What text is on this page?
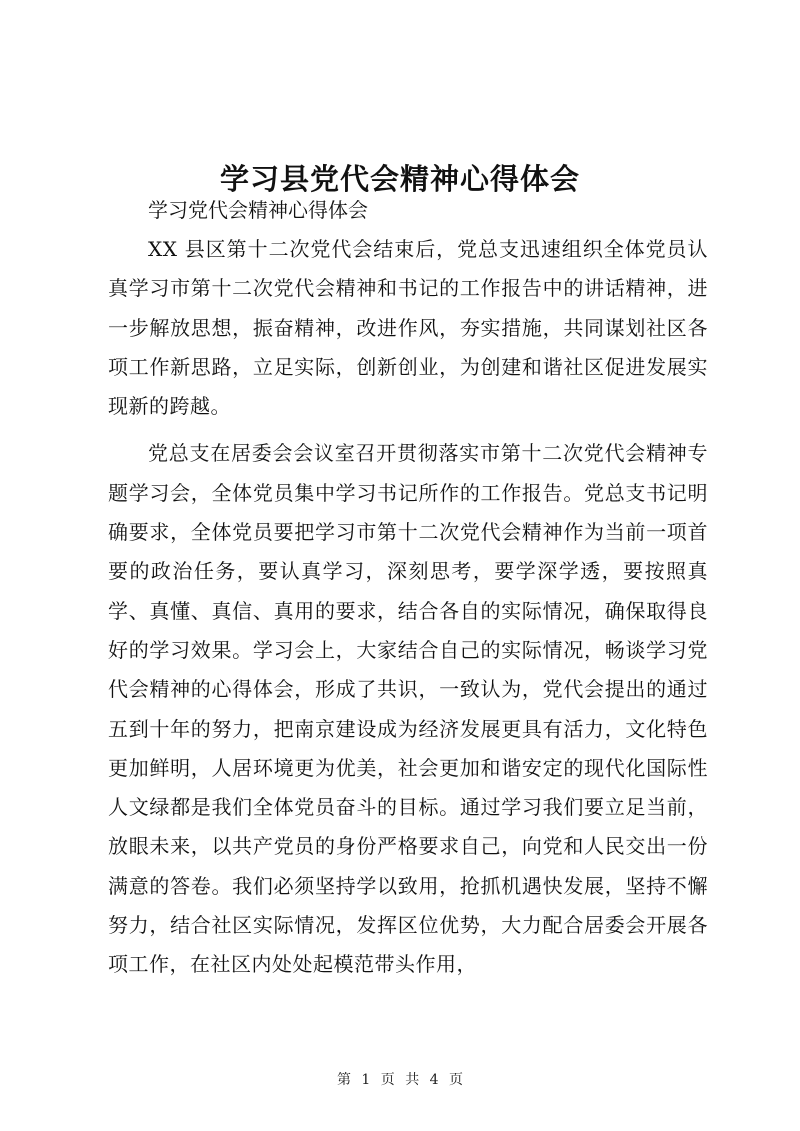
学习县党代会精神心得体会

学习党代会精神心得体会

XX 县区第十二次党代会结束后，党总支迅速组织全体党员认真学习市第十二次党代会精神和书记的工作报告中的讲话精神，进一步解放思想，振奋精神，改进作风，夯实措施，共同谋划社区各项工作新思路，立足实际，创新创业，为创建和谐社区促进发展实现新的跨越。

党总支在居委会会议室召开贯彻落实市第十二次党代会精神专题学习会，全体党员集中学习书记所作的工作报告。党总支书记明确要求，全体党员要把学习市第十二次党代会精神作为当前一项首要的政治任务，要认真学习，深刻思考，要学深学透，要按照真学、真懂、真信、真用的要求，结合各自的实际情况，确保取得良好的学习效果。学习会上，大家结合自己的实际情况，畅谈学习党代会精神的心得体会，形成了共识，一致认为，党代会提出的通过五到十年的努力，把南京建设成为经济发展更具有活力，文化特色更加鲜明，人居环境更为优美，社会更加和谐安定的现代化国际性人文绿都是我们全体党员奋斗的目标。通过学习我们要立足当前，放眼未来，以共产党员的身份严格要求自己，向党和人民交出一份满意的答卷。我们必须坚持学以致用，抢抓机遇快发展，坚持不懈努力，结合社区实际情况，发挥区位优势，大力配合居委会开展各项工作，在社区内处处起模范带头作用，

第 1 页 共 4 页
